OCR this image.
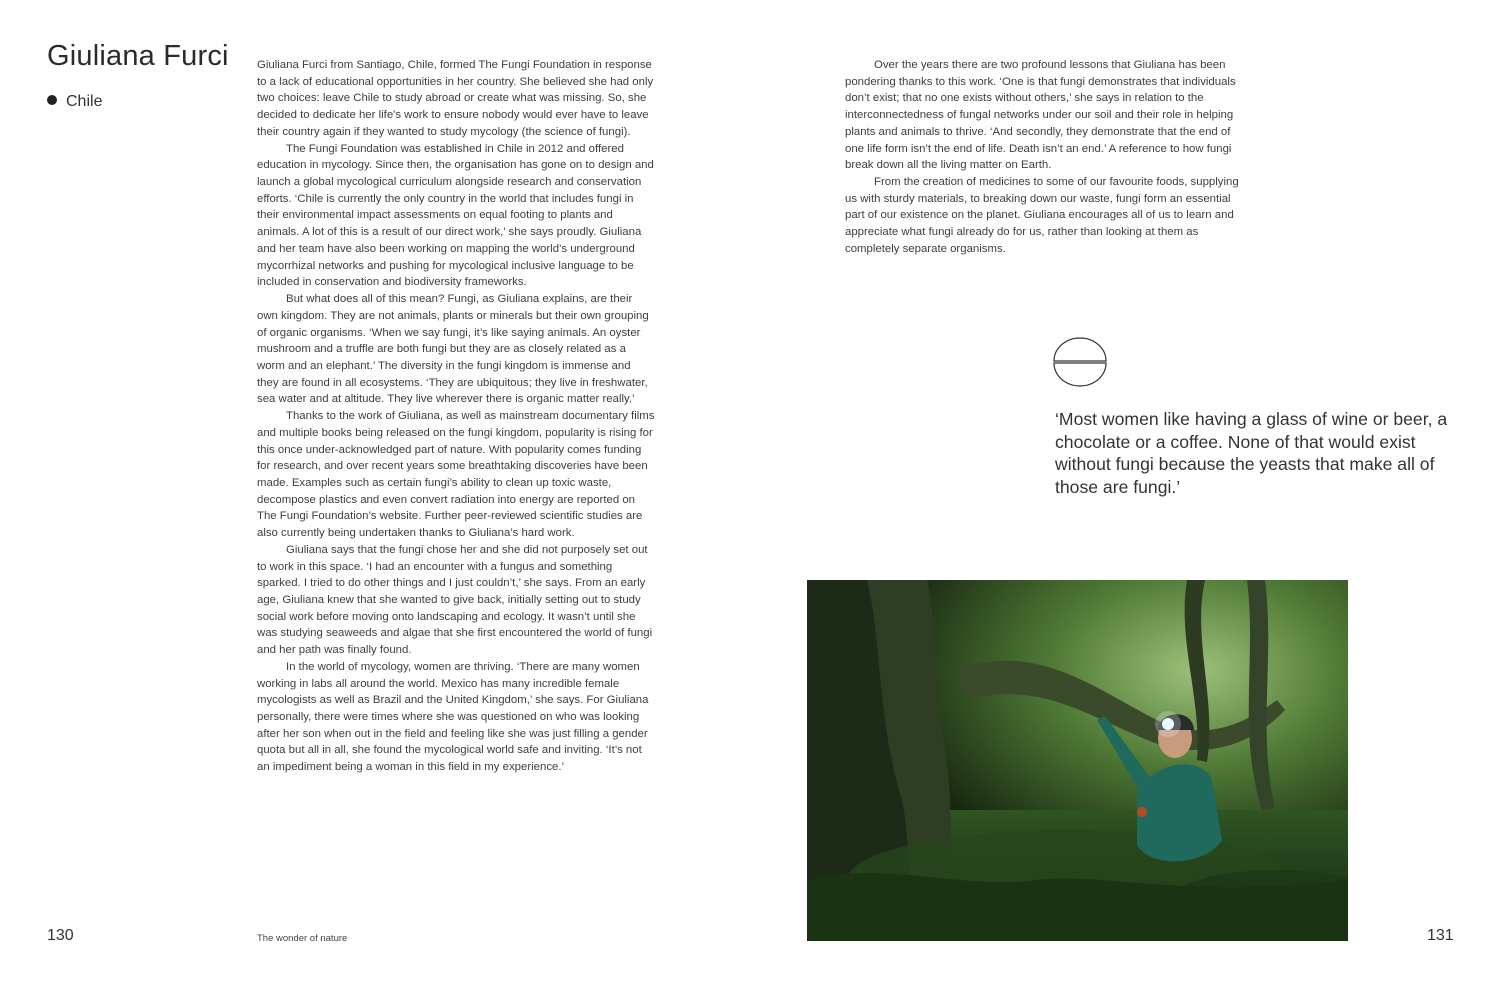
Giuliana Furci
Chile

Giuliana Furci from Santiago, Chile, formed The Fungi Foundation in response to a lack of educational opportunities in her country. She believed she had only two choices: leave Chile to study abroad or create what was missing. So, she decided to dedicate her life's work to ensure nobody would ever have to leave their country again if they wanted to study mycology (the science of fungi).

The Fungi Foundation was established in Chile in 2012 and offered education in mycology. Since then, the organisation has gone on to design and launch a global mycological curriculum alongside research and conservation efforts. ‘Chile is currently the only country in the world that includes fungi in their environmental impact assessments on equal footing to plants and animals. A lot of this is a result of our direct work,’ she says proudly. Giuliana and her team have also been working on mapping the world’s underground mycorrhizal networks and pushing for mycological inclusive language to be included in conservation and biodiversity frameworks.

But what does all of this mean? Fungi, as Giuliana explains, are their own kingdom. They are not animals, plants or minerals but their own grouping of organic organisms. ‘When we say fungi, it’s like saying animals. An oyster mushroom and a truffle are both fungi but they are as closely related as a worm and an elephant.’ The diversity in the fungi kingdom is immense and they are found in all ecosystems. ‘They are ubiquitous; they live in freshwater, sea water and at altitude. They live wherever there is organic matter really.’

Thanks to the work of Giuliana, as well as mainstream documentary films and multiple books being released on the fungi kingdom, popularity is rising for this once under-acknowledged part of nature. With popularity comes funding for research, and over recent years some breathtaking discoveries have been made. Examples such as certain fungi’s ability to clean up toxic waste, decompose plastics and even convert radiation into energy are reported on The Fungi Foundation’s website. Further peer-reviewed scientific studies are also currently being undertaken thanks to Giuliana’s hard work.

Giuliana says that the fungi chose her and she did not purposely set out to work in this space. ‘I had an encounter with a fungus and something sparked. I tried to do other things and I just couldn’t,’ she says. From an early age, Giuliana knew that she wanted to give back, initially setting out to study social work before moving onto landscaping and ecology. It wasn’t until she was studying seaweeds and algae that she first encountered the world of fungi and her path was finally found.

In the world of mycology, women are thriving. ‘There are many women working in labs all around the world. Mexico has many incredible female mycologists as well as Brazil and the United Kingdom,’ she says. For Giuliana personally, there were times where she was questioned on who was looking after her son when out in the field and feeling like she was just filling a gender quota but all in all, she found the mycological world safe and inviting. ‘It’s not an impediment being a woman in this field in my experience.’

Over the years there are two profound lessons that Giuliana has been pondering thanks to this work. ‘One is that fungi demonstrates that individuals don’t exist; that no one exists without others,’ she says in relation to the interconnectedness of fungal networks under our soil and their role in helping plants and animals to thrive. ‘And secondly, they demonstrate that the end of one life form isn’t the end of life. Death isn’t an end.’ A reference to how fungi break down all the living matter on Earth.

From the creation of medicines to some of our favourite foods, supplying us with sturdy materials, to breaking down our waste, fungi form an essential part of our existence on the planet. Giuliana encourages all of us to learn and appreciate what fungi already do for us, rather than looking at them as completely separate organisms.

‘Most women like having a glass of wine or beer, a chocolate or a coffee. None of that would exist without fungi because the yeasts that make all of those are fungi.’

130	The wonder of nature	131
